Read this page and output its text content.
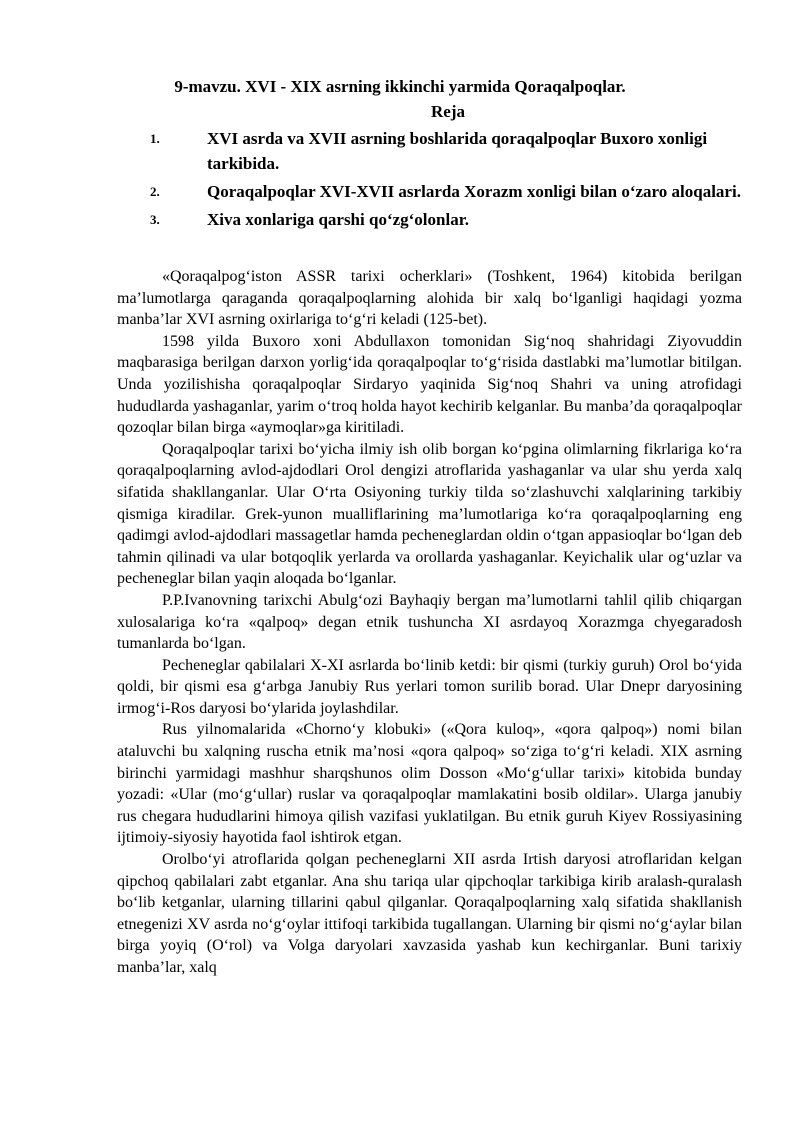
9-mavzu. XVI - XIX asrning ikkinchi yarmida Qoraqalpoqlar.
Reja
1.	XVI asrda va XVII asrning boshlarida qoraqalpoqlar Buxoro xonligi tarkibida.
2.	Qoraqalpoqlar XVI-XVII asrlarda Xorazm xonligi bilan o‘zaro aloqalari.
3.	Xiva xonlariga qarshi qo‘zg‘olonlar.

«Qoraqalpog‘iston ASSR tarixi ocherklari» (Toshkent, 1964) kitobida berilgan ma’lumotlarga qaraganda qoraqalpoqlarning alohida bir xalq bo‘lganligi haqidagi yozma manba’lar XVI asrning oxirlariga to‘g‘ri keladi (125-bet).

1598 yilda Buxoro xoni Abdullaxon tomonidan Sig‘noq shahridagi Ziyovuddin maqbarasiga berilgan darxon yorlig‘ida qoraqalpoqlar to‘g‘risida dastlabki ma’lumotlar bitilgan. Unda yozilishisha qoraqalpoqlar Sirdaryo yaqinida Sig‘noq Shahri va uning atrofidagi hududlarda yashaganlar, yarim o‘troq holda hayot kechirib kelganlar. Bu manba’da qoraqalpoqlar qozoqlar bilan birga «aymoqlar»ga kiritiladi.

Qoraqalpoqlar tarixi bo‘yicha ilmiy ish olib borgan ko‘pgina olimlarning fikrlariga ko‘ra qoraqalpoqlarning avlod-ajdodlari Orol dengizi atroflarida yashaganlar va ular shu yerda xalq sifatida shakllanganlar. Ular O‘rta Osiyoning turkiy tilda so‘zlashuvchi xalqlarining tarkibiy qismiga kiradilar. Grek-yunon mualliflarining ma’lumotlariga ko‘ra qoraqalpoqlarning eng qadimgi avlod-ajdodlari massagetlar hamda pecheneglardan oldin o‘tgan appasioqlar bo‘lgan deb tahmin qilinadi va ular botqoqlik yerlarda va orollarda yashaganlar. Keyichalik ular og‘uzlar va pecheneglar bilan yaqin aloqada bo‘lganlar.

P.P.Ivanovning tarixchi Abulg‘ozi Bayhaqiy bergan ma’lumotlarni tahlil qilib chiqargan xulosalariga ko‘ra «qalpoq» degan etnik tushuncha XI asrdayoq Xorazmga chyegaradosh tumanlarda bo‘lgan.

Pecheneglar qabilalari X-XI asrlarda bo‘linib ketdi: bir qismi (turkiy guruh) Orol bo‘yida qoldi, bir qismi esa g‘arbga Janubiy Rus yerlari tomon surilib borad. Ular Dnepr daryosining irmog‘i-Ros daryosi bo‘ylarida joylashdilar.

Rus yilnomalarida «Chorno‘y klobuki» («Qora kuloq», «qora qalpoq») nomi bilan ataluvchi bu xalqning ruscha etnik ma’nosi «qora qalpoq» so‘ziga to‘g‘ri keladi. XIX asrning birinchi yarmidagi mashhur sharqshunos olim Dosson «Mo‘g‘ullar tarixi» kitobida bunday yozadi: «Ular (mo‘g‘ullar) ruslar va qoraqalpoqlar mamlakatini bosib oldilar». Ularga janubiy rus chegara hududlarini himoya qilish vazifasi yuklatilgan. Bu etnik guruh Kiyev Rossiyasining ijtimoiy-siyosiy hayotida faol ishtirok etgan.

Orolbo‘yi atroflarida qolgan pecheneglarni XII asrda Irtish daryosi atroflaridan kelgan qipchoq qabilalari zabt etganlar. Ana shu tariqa ular qipchoqlar tarkibiga kirib aralash-quralash bo‘lib ketganlar, ularning tillarini qabul qilganlar. Qoraqalpoqlarning xalq sifatida shakllanish etnegenizi XV asrda no‘g‘oylar ittifoqi tarkibida tugallangan. Ularning bir qismi no‘g‘aylar bilan birga yoyiq (O‘rol) va Volga daryolari xavzasida yashab kun kechirganlar. Buni tarixiy manba’lar, xalq
